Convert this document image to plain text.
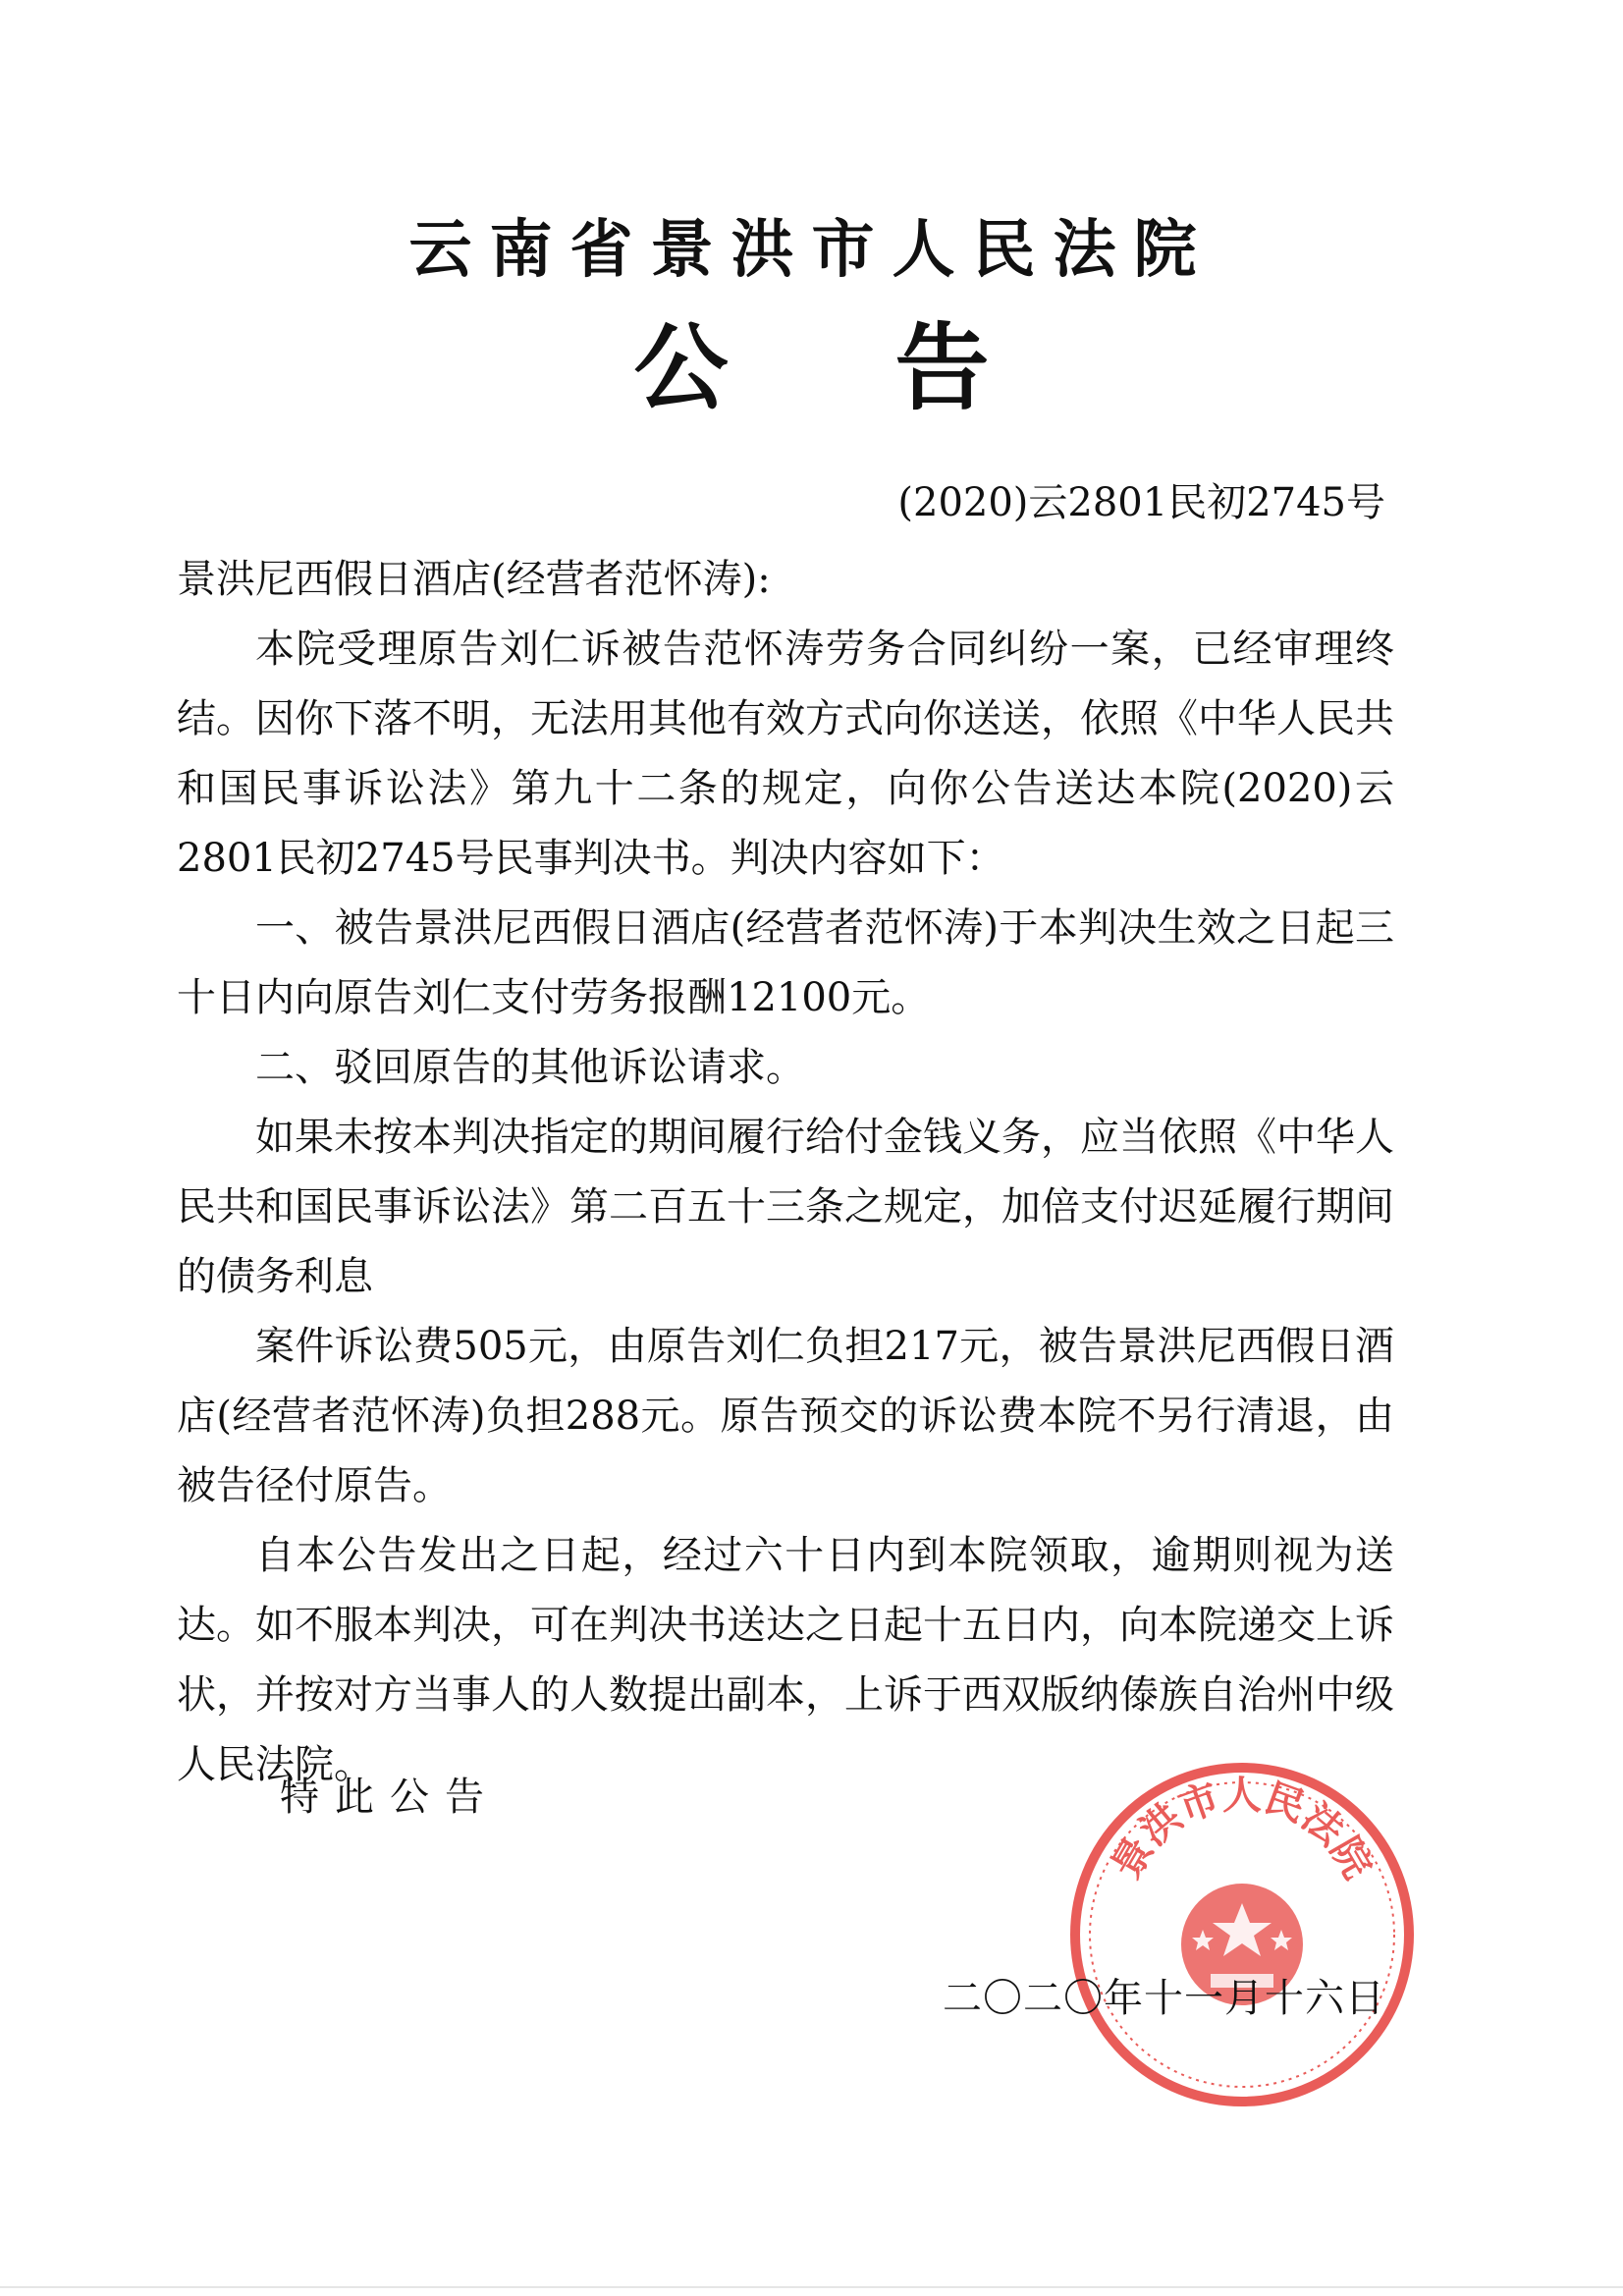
云南省景洪市人民法院
公告
(2020)云2801民初2745号

景洪尼西假日酒店(经营者范怀涛):

本院受理原告刘仁诉被告范怀涛劳务合同纠纷一案，已经审理终结。因你下落不明，无法用其他有效方式向你送送，依照《中华人民共和国民事诉讼法》第九十二条的规定，向你公告送达本院(2020)云2801民初2745号民事判决书。判决内容如下：

一、被告景洪尼西假日酒店(经营者范怀涛)于本判决生效之日起三十日内向原告刘仁支付劳务报酬12100元。

二、驳回原告的其他诉讼请求。

如果未按本判决指定的期间履行给付金钱义务，应当依照《中华人民共和国民事诉讼法》第二百五十三条之规定，加倍支付迟延履行期间的债务利息

案件诉讼费505元，由原告刘仁负担217元，被告景洪尼西假日酒店(经营者范怀涛)负担288元。原告预交的诉讼费本院不另行清退，由被告径付原告。

自本公告发出之日起，经过六十日内到本院领取，逾期则视为送达。如不服本判决，可在判决书送达之日起十五日内，向本院递交上诉状，并按对方当事人的人数提出副本，上诉于西双版纳傣族自治州中级人民法院。

特此公告
景洪市人民法院
二〇二〇年十一月十六日
